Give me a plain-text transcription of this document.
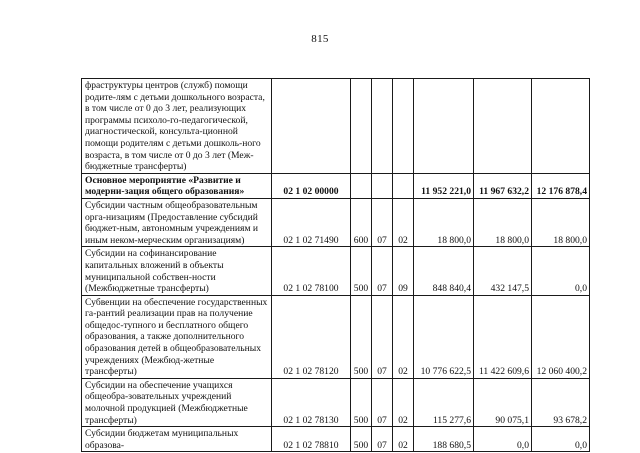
815
фраструктуры центров (служб) помощи родите-лям с детьми дошкольного возраста, в том числе от 0 до 3 лет, реализующих программы психоло-го-педагогической, диагностической, консульта-ционной помощи родителям с детьми дошколь-ного возраста, в том числе от 0 до 3 лет (Меж-бюджетные трансферты)							
Основное мероприятие «Развитие и модерни-зация общего образования»	02 1 02 00000				11 952 221,0	11 967 632,2	12 176 878,4
Субсидии частным общеобразовательным орга-низациям (Предоставление субсидий бюджет-ным, автономным учреждениям и иным неком-мерческим организациям)	02 1 02 71490	600	07	02	18 800,0	18 800,0	18 800,0
Субсидии на софинансирование капитальных вложений в объекты муниципальной собствен-ности (Межбюджетные трансферты)	02 1 02 78100	500	07	09	848 840,4	432 147,5	0,0
Субвенции на обеспечение государственных га-рантий реализации прав на получение общедос-тупного и бесплатного общего образования, а также дополнительного образования детей в общеобразовательных учреждениях (Межбюд-жетные трансферты)	02 1 02 78120	500	07	02	10 776 622,5	11 422 609,6	12 060 400,2
Субсидии на обеспечение учащихся общеобра-зовательных учреждений молочной продукцией (Межбюджетные трансферты)	02 1 02 78130	500	07	02	115 277,6	90 075,1	93 678,2
Субсидии бюджетам муниципальных образова-	02 1 02 78810	500	07	02	188 680,5	0,0	0,0
